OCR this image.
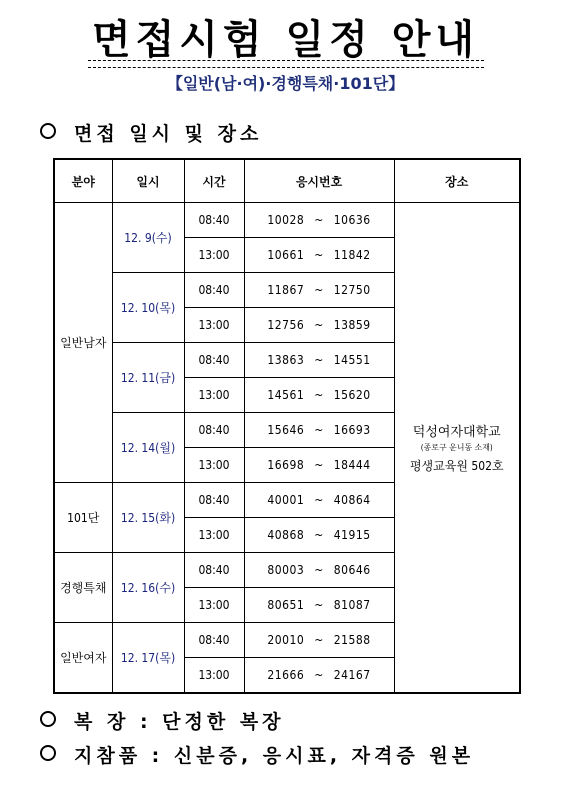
면접시험 일정 안내
【일반(남·여)·경행특채·101단】
면접 일시 및 장소
분야	일시	시간	응시번호	장소
일반남자	12. 9(수)	08:40	10028 ~ 10636	덕성여자대학교
(종로구 운니동 소재)
평생교육원 502호

		13:00	10661 ~ 11842	
	12. 10(목)	08:40	11867 ~ 12750	
		13:00	12756 ~ 13859	
	12. 11(금)	08:40	13863 ~ 14551	
		13:00	14561 ~ 15620	
	12. 14(월)	08:40	15646 ~ 16693	
		13:00	16698 ~ 18444	
101단	12. 15(화)	08:40	40001 ~ 40864	
		13:00	40868 ~ 41915	
경행특채	12. 16(수)	08:40	80003 ~ 80646	
		13:00	80651 ~ 81087	
일반여자	12. 17(목)	08:40	20010 ~ 21588	
		13:00	21666 ~ 24167	
복 장 : 단정한 복장
지참품 : 신분증, 응시표, 자격증 원본
